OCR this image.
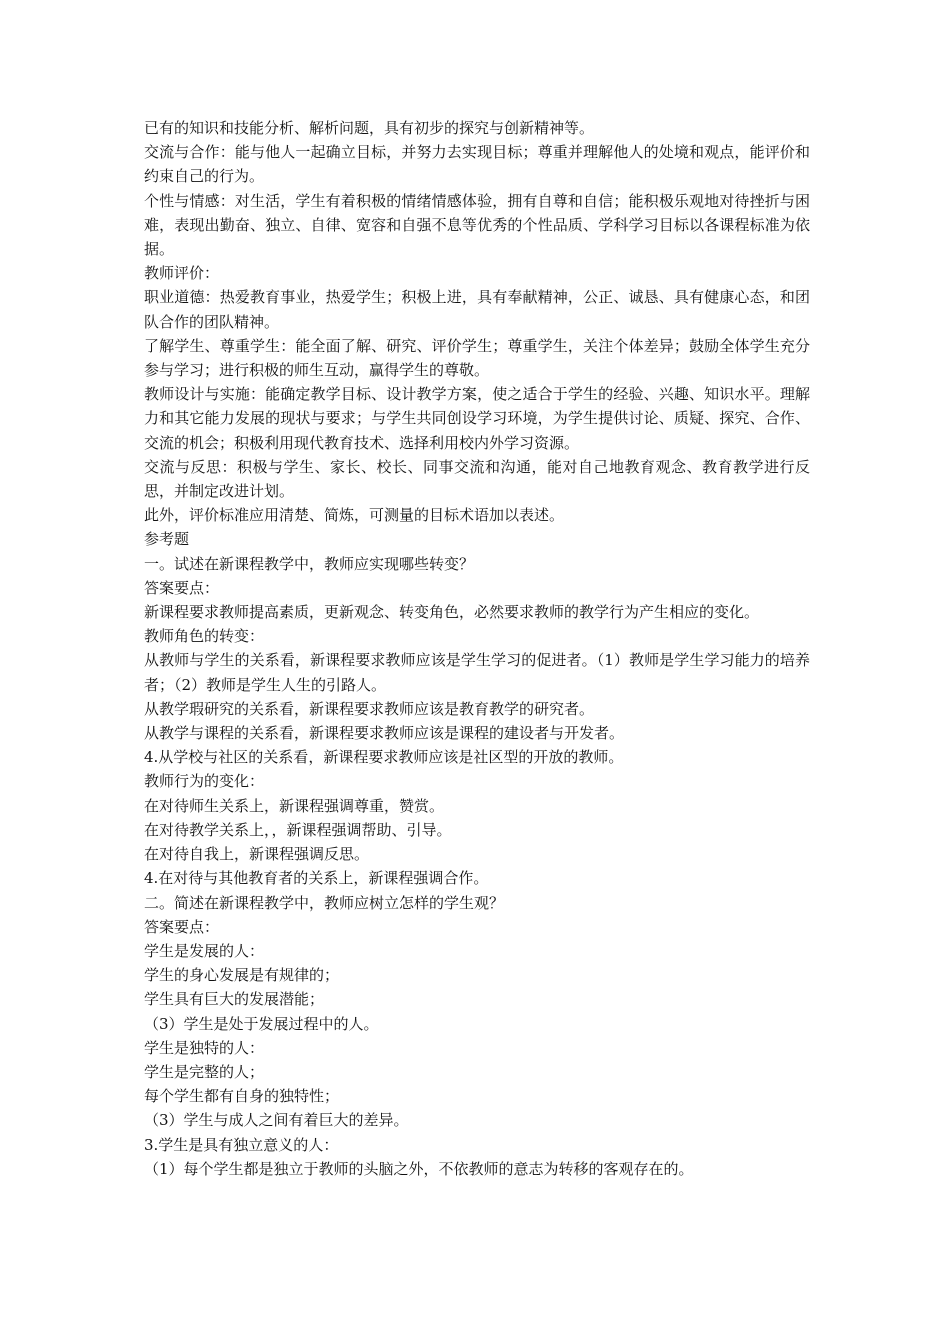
已有的知识和技能分析、解析问题，具有初步的探究与创新精神等。

交流与合作：能与他人一起确立目标，并努力去实现目标；尊重并理解他人的处境和观点，能评价和约束自己的行为。

个性与情感：对生活，学生有着积极的情绪情感体验，拥有自尊和自信；能积极乐观地对待挫折与困难，表现出勤奋、独立、自律、宽容和自强不息等优秀的个性品质、学科学习目标以各课程标准为依据。

教师评价：

职业道德：热爱教育事业，热爱学生；积极上进，具有奉献精神，公正、诚恳、具有健康心态，和团队合作的团队精神。

了解学生、尊重学生：能全面了解、研究、评价学生；尊重学生，关注个体差异；鼓励全体学生充分参与学习；进行积极的师生互动，赢得学生的尊敬。

教师设计与实施：能确定教学目标、设计教学方案，使之适合于学生的经验、兴趣、知识水平。理解力和其它能力发展的现状与要求；与学生共同创设学习环境，为学生提供讨论、质疑、探究、合作、交流的机会；积极利用现代教育技术、选择利用校内外学习资源。

交流与反思：积极与学生、家长、校长、同事交流和沟通，能对自己地教育观念、教育教学进行反思，并制定改进计划。

此外，评价标准应用清楚、简炼，可测量的目标术语加以表述。

参考题

一。试述在新课程教学中，教师应实现哪些转变？

答案要点：

新课程要求教师提高素质，更新观念、转变角色，必然要求教师的教学行为产生相应的变化。

教师角色的转变：

从教师与学生的关系看，新课程要求教师应该是学生学习的促进者。（1）教师是学生学习能力的培养者；（2）教师是学生人生的引路人。

从教学瑕研究的关系看，新课程要求教师应该是教育教学的研究者。

从教学与课程的关系看，新课程要求教师应该是课程的建设者与开发者。

4.从学校与社区的关系看，新课程要求教师应该是社区型的开放的教师。

教师行为的变化：

在对待师生关系上，新课程强调尊重，赞赏。

在对待教学关系上，，新课程强调帮助、引导。

在对待自我上，新课程强调反思。

4.在对待与其他教育者的关系上，新课程强调合作。

二。简述在新课程教学中，教师应树立怎样的学生观？

答案要点：

学生是发展的人：

学生的身心发展是有规律的；

学生具有巨大的发展潜能；

（3）学生是处于发展过程中的人。

学生是独特的人：

学生是完整的人；

每个学生都有自身的独特性；

（3）学生与成人之间有着巨大的差异。

3.学生是具有独立意义的人：

（1）每个学生都是独立于教师的头脑之外，不依教师的意志为转移的客观存在的。
